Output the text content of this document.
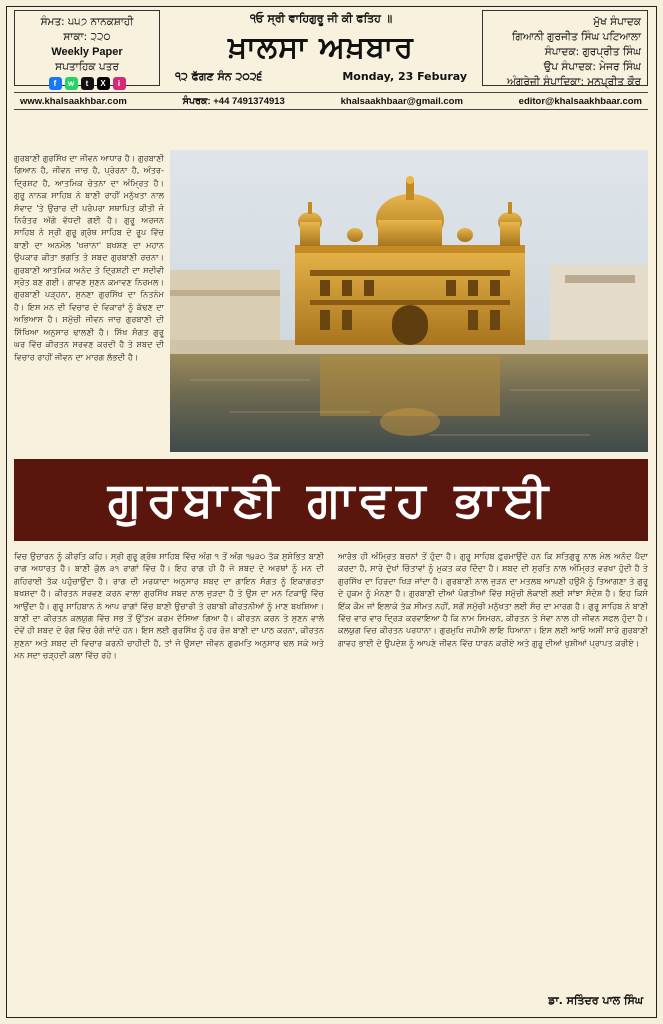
ਸੰਮਤ: ੫੫੭ ਨਾਨਕਸ਼ਾਹੀ
ਸਾਕਾ: ੨੨੦
Weekly Paper
ਸਪਤਾਹਿਕ ਪਤਰ
f	w	t	X	i
੧ਓ ਸ੍ਰੀ ਵਾਹਿਗੁਰੂ ਜੀ ਕੀ ਫਤਿਹ ॥
ਖ਼ਾਲਸਾ ਅਖ਼ਬਾਰ
੧੨ ਫੱਗਣ ਸੰਨ ੨੦੨੬	Monday, 23 Feburay
ਮੁੱਖ ਸੰਪਾਦਕ
ਗਿਆਨੀ ਗੁਰਜੀਤ ਸਿੰਘ ਪਟਿਆਲਾ
ਸੰਪਾਦਕ: ਗੁਰਪ੍ਰੀਤ ਸਿੰਘ
ਉਪ ਸੰਪਾਦਕ: ਮੇਜਰ ਸਿੰਘ
ਅੰਗਰੇਜ਼ੀ ਸੰਪਾਦਿਕਾ: ਮਨਪ੍ਰੀਤ ਕੌਰ
www.khalsaakhbar.com	ਸੰਪਰਕ: +44 7491374913	khalsaakhbaar@gmail.com	editor@khalsaakhbaar.com
ਗੁਰਬਾਣੀ ਗੁਰਸਿੱਖ ਦਾ ਜੀਵਨ ਆਧਾਰ ਹੈ। ਗੁਰਬਾਣੀ ਗਿਆਨ ਹੈ, ਜੀਵਨ ਜਾਚ ਹੈ, ਪ੍ਰੇਰਨਾ ਹੈ, ਅੰਤਰ-ਦ੍ਰਿਸ਼ਟ ਹੈ, ਆਤਮਿਕ ਚੇਤਨਾ ਦਾ ਅੰਮ੍ਰਿਤ ਹੈ। ਗੁਰੂ ਨਾਨਕ ਸਾਹਿਬ ਨੇ ਬਾਣੀ ਰਾਹੀਂ ਮਨੁੱਖਤਾ ਨਾਲ ਸੰਵਾਦ 'ਤੇ ਉਚਾਰ ਦੀ ਪਰੰਪਰਾ ਸਥਾਪਿਤ ਕੀਤੀ ਜੋ ਨਿਰੰਤਰ ਅੱਗੇ ਵੱਧਦੀ ਗਈ ਹੈ। ਗੁਰੂ ਅਰਜਨ ਸਾਹਿਬ ਨੇ ਸ੍ਰੀ ਗੁਰੂ ਗ੍ਰੰਥ ਸਾਹਿਬ ਦੇ ਰੂਪ ਵਿੱਚ ਬਾਣੀ ਦਾ ਅਨਮੋਲ 'ਖਜ਼ਾਨਾ' ਬਖਸ਼ਣ ਦਾ ਮਹਾਨ ਉਪਕਾਰ ਕੀਤਾ ਭਗਤਿ ਤੇ ਸ਼ਬਦ ਗੁਰਬਾਣੀ ਰਚਨਾ। ਗੁਰਬਾਣੀ ਆਤਮਿਕ ਅਨੰਦ ਤੇ ਦ੍ਰਿਸ਼ਟੀ ਦਾ ਸਦੀਵੀ ਸ੍ਰੋਤ ਬਣ ਗਈ। ਗਾਵਣ ਸੁਣਨ ਕਮਾਵਣ ਨਿਰਮਲ। ਗੁਰਬਾਣੀ ਪੜ੍ਹਨਾ, ਸੁਨਣਾ ਗੁਰਸਿੱਖ ਦਾ ਨਿਤਨੇਮ ਹੈ। ਇਸ ਮਨ ਦੀ ਵਿਚਾਰ ਦੇ ਵਿਕਾਰਾਂ ਨੂੰ ਕੱਢਣ ਦਾ ਅਭਿਆਸ ਹੈ। ਸਮੁੱਚੀ ਜੀਵਨ ਜਾਚ ਗੁਰਬਾਣੀ ਦੀ ਸਿੱਖਿਆ ਅਨੁਸਾਰ ਢਾਲਣੀ ਹੈ। ਸਿੱਖ ਸੰਗਤ ਗੁਰੂ ਘਰ ਵਿੱਚ ਕੀਰਤਨ ਸਰਵਣ ਕਰਦੀ ਹੈ ਤੇ ਸ਼ਬਦ ਦੀ ਵਿਚਾਰ ਰਾਹੀਂ ਜੀਵਨ ਦਾ ਮਾਰਗ ਲੱਭਦੀ ਹੈ।
ਗੁਰਬਾਣੀ ਗਾਵਹ ਭਾਈ
ਵਿਚ ਉਚਾਰਨ ਨੂੰ ਕੀਰਤਿ ਕਹਿ। ਸ੍ਰੀ ਗੁਰੂ ਗ੍ਰੰਥ ਸਾਹਿਬ ਵਿੱਚ ਅੰਗ ੧ ਤੋਂ ਅੰਗ ੧੪੩੦ ਤੱਕ ਸੁਸ਼ੋਭਿਤ ਬਾਣੀ ਰਾਗ ਅਧਾਰਤ ਹੈ। ਬਾਣੀ ਕੁੱਲ ੩੧ ਰਾਗਾਂ ਵਿੱਚ ਹੈ। ਇਹ ਰਾਗ ਹੀ ਹੈ ਜੋ ਸ਼ਬਦ ਦੇ ਅਰਥਾਂ ਨੂੰ ਮਨ ਦੀ ਗਹਿਰਾਈ ਤੱਕ ਪਹੁੰਚਾਉਂਦਾ ਹੈ। ਰਾਗ ਦੀ ਮਰਯਾਦਾ ਅਨੁਸਾਰ ਸ਼ਬਦ ਦਾ ਗਾਇਨ ਸੰਗਤ ਨੂੰ ਇਕਾਗਰਤਾ ਬਖਸ਼ਦਾ ਹੈ। ਕੀਰਤਨ ਸਰਵਣ ਕਰਨ ਵਾਲਾ ਗੁਰਸਿੱਖ ਸ਼ਬਦ ਨਾਲ ਜੁੜਦਾ ਹੈ ਤੇ ਉਸ ਦਾ ਮਨ ਟਿਕਾਉ ਵਿੱਚ ਆਉਂਦਾ ਹੈ। ਗੁਰੂ ਸਾਹਿਬਾਨ ਨੇ ਆਪ ਰਾਗਾਂ ਵਿੱਚ ਬਾਣੀ ਉਚਾਰੀ ਤੇ ਰਬਾਬੀ ਕੀਰਤਨੀਆਂ ਨੂੰ ਮਾਣ ਬਖਸ਼ਿਆ। ਬਾਣੀ ਦਾ ਕੀਰਤਨ ਕਲਯੁਗ ਵਿੱਚ ਸਭ ਤੋਂ ਉੱਤਮ ਕਰਮ ਦੱਸਿਆ ਗਿਆ ਹੈ। ਕੀਰਤਨ ਕਰਨ ਤੇ ਸੁਣਨ ਵਾਲੇ ਦੋਵੇਂ ਹੀ ਸ਼ਬਦ ਦੇ ਰੰਗ ਵਿੱਚ ਰੰਗੇ ਜਾਂਦੇ ਹਨ। ਇਸ ਲਈ ਗੁਰਸਿੱਖ ਨੂੰ ਹਰ ਰੋਜ਼ ਬਾਣੀ ਦਾ ਪਾਠ ਕਰਨਾ, ਕੀਰਤਨ ਸੁਣਨਾ ਅਤੇ ਸ਼ਬਦ ਦੀ ਵਿਚਾਰ ਕਰਨੀ ਚਾਹੀਦੀ ਹੈ, ਤਾਂ ਜੋ ਉਸਦਾ ਜੀਵਨ ਗੁਰਮਤਿ ਅਨੁਸਾਰ ਢਲ ਸਕੇ ਅਤੇ ਮਨ ਸਦਾ ਚੜ੍ਹਦੀ ਕਲਾ ਵਿੱਚ ਰਹੇ।
ਆਰੰਭ ਹੀ ਅੰਮ੍ਰਿਤ ਬਚਨਾਂ ਤੋਂ ਹੁੰਦਾ ਹੈ। ਗੁਰੂ ਸਾਹਿਬ ਫ਼ੁਰਮਾਉਂਦੇ ਹਨ ਕਿ ਸਤਿਗੁਰੂ ਨਾਲ ਮੇਲ ਅਨੰਦ ਪੈਦਾ ਕਰਦਾ ਹੈ, ਸਾਰੇ ਦੁੱਖਾਂ ਚਿੰਤਾਵਾਂ ਨੂੰ ਮੁਕਤ ਕਰ ਦਿੰਦਾ ਹੈ। ਸ਼ਬਦ ਦੀ ਸੁਰਤਿ ਨਾਲ ਅੰਮ੍ਰਿਤ ਵਰਖਾ ਹੁੰਦੀ ਹੈ ਤੇ ਗੁਰਸਿੱਖ ਦਾ ਹਿਰਦਾ ਖਿੜ ਜਾਂਦਾ ਹੈ। ਗੁਰਬਾਣੀ ਨਾਲ ਜੁੜਨ ਦਾ ਮਤਲਬ ਆਪਣੀ ਹਉਮੈ ਨੂੰ ਤਿਆਗਣਾ ਤੇ ਗੁਰੂ ਦੇ ਹੁਕਮ ਨੂੰ ਮੰਨਣਾ ਹੈ। ਗੁਰਬਾਣੀ ਦੀਆਂ ਪੰਗਤੀਆਂ ਵਿੱਚ ਸਮੁੱਚੀ ਲੋਕਾਈ ਲਈ ਸਾਂਝਾ ਸੰਦੇਸ਼ ਹੈ। ਇਹ ਕਿਸੇ ਇੱਕ ਕੌਮ ਜਾਂ ਇਲਾਕੇ ਤੱਕ ਸੀਮਤ ਨਹੀਂ, ਸਗੋਂ ਸਮੁੱਚੀ ਮਨੁੱਖਤਾ ਲਈ ਸੱਚ ਦਾ ਮਾਰਗ ਹੈ। ਗੁਰੂ ਸਾਹਿਬ ਨੇ ਬਾਣੀ ਵਿੱਚ ਵਾਰ ਵਾਰ ਦ੍ਰਿੜ ਕਰਵਾਇਆ ਹੈ ਕਿ ਨਾਮ ਸਿਮਰਨ, ਕੀਰਤਨ ਤੇ ਸੇਵਾ ਨਾਲ ਹੀ ਜੀਵਨ ਸਫਲ ਹੁੰਦਾ ਹੈ। ਕਲਯੁਗ ਵਿਚ ਕੀਰਤਨ ਪਰਧਾਨਾ। ਗੁਰਮੁਖਿ ਜਪੀਐ ਲਾਇ ਧਿਆਨਾ। ਇਸ ਲਈ ਆਓ ਅਸੀਂ ਸਾਰੇ ਗੁਰਬਾਣੀ ਗਾਵਹ ਭਾਈ ਦੇ ਉਪਦੇਸ਼ ਨੂੰ ਆਪਣੇ ਜੀਵਨ ਵਿੱਚ ਧਾਰਨ ਕਰੀਏ ਅਤੇ ਗੁਰੂ ਦੀਆਂ ਖੁਸ਼ੀਆਂ ਪ੍ਰਾਪਤ ਕਰੀਏ।
ਡਾ. ਸਤਿੰਦਰ ਪਾਲ ਸਿੰਘ
